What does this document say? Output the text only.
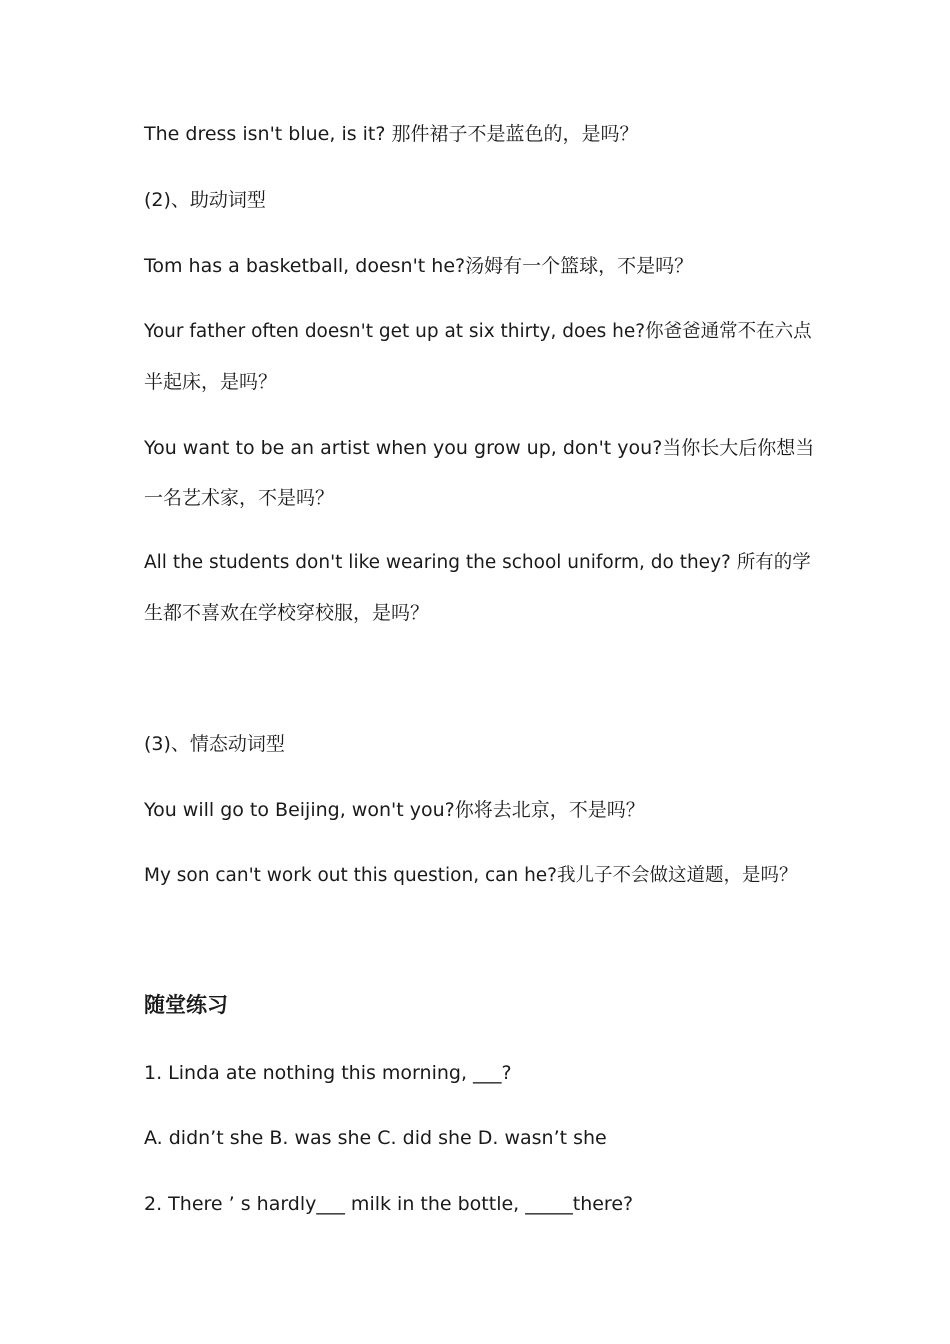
The dress isn't blue, is it? 那件裙子不是蓝色的，是吗？
(2)、助动词型
Tom has a basketball, doesn't he?汤姆有一个篮球，不是吗？
Your father often doesn't get up at six thirty, does he?你爸爸通常不在六点
半起床，是吗？
You want to be an artist when you grow up, don't you?当你长大后你想当
一名艺术家，不是吗？
All the students don't like wearing the school uniform, do they? 所有的学
生都不喜欢在学校穿校服，是吗？
(3)、情态动词型
You will go to Beijing, won't you?你将去北京，不是吗？
My son can't work out this question, can he?我儿子不会做这道题，是吗？
随堂练习
1. Linda ate nothing this morning, ___?
A. didn’t she B. was she C. did she D. wasn’t she
2. There ’ s hardly___ milk in the bottle, _____there?
